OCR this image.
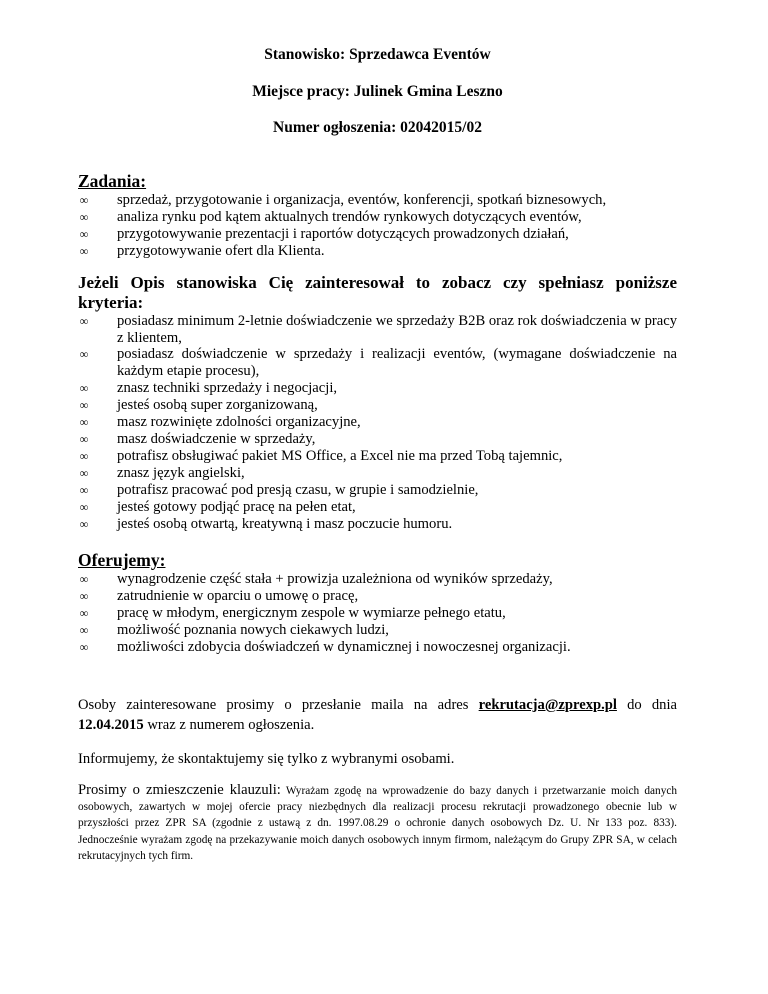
Stanowisko: Sprzedawca Eventów

Miejsce pracy: Julinek Gmina Leszno

Numer ogłoszenia: 02042015/02

Zadania:

∞ sprzedaż, przygotowanie i organizacja, eventów, konferencji, spotkań biznesowych,
∞ analiza rynku pod kątem aktualnych trendów rynkowych dotyczących eventów,
∞ przygotowywanie prezentacji i raportów dotyczących prowadzonych działań,
∞ przygotowywanie ofert dla Klienta.

Jeżeli Opis stanowiska Cię zainteresował to zobacz czy spełniasz poniższe kryteria:

∞ posiadasz minimum 2-letnie doświadczenie we sprzedaży B2B oraz rok doświadczenia w pracy z klientem,
∞ posiadasz doświadczenie w sprzedaży i realizacji eventów, (wymagane doświadczenie na każdym etapie procesu),
∞ znasz techniki sprzedaży i negocjacji,
∞ jesteś osobą super zorganizowaną,
∞ masz rozwinięte zdolności organizacyjne,
∞ masz doświadczenie w sprzedaży,
∞ potrafisz obsługiwać pakiet MS Office, a Excel nie ma przed Tobą tajemnic,
∞ znasz język angielski,
∞ potrafisz pracować pod presją czasu, w grupie i samodzielnie,
∞ jesteś gotowy podjąć pracę na pełen etat,
∞ jesteś osobą otwartą, kreatywną i masz poczucie humoru.

Oferujemy:

∞ wynagrodzenie część stała + prowizja uzależniona od wyników sprzedaży,
∞ zatrudnienie w oparciu o umowę o pracę,
∞ pracę w młodym, energicznym zespole w wymiarze pełnego etatu,
∞ możliwość poznania nowych ciekawych ludzi,
∞ możliwości zdobycia doświadczeń w dynamicznej i nowoczesnej organizacji.

Osoby zainteresowane prosimy o przesłanie maila na adres rekrutacja@zprexp.pl do dnia 12.04.2015 wraz z numerem ogłoszenia.

Informujemy, że skontaktujemy się tylko z wybranymi osobami.

Prosimy o zmieszczenie klauzuli: Wyrażam zgodę na wprowadzenie do bazy danych i przetwarzanie moich danych osobowych, zawartych w mojej ofercie pracy niezbędnych dla realizacji procesu rekrutacji prowadzonego obecnie lub w przyszłości przez ZPR SA (zgodnie z ustawą z dn. 1997.08.29 o ochronie danych osobowych Dz. U. Nr 133 poz. 833). Jednocześnie wyrażam zgodę na przekazywanie moich danych osobowych innym firmom, należącym do Grupy ZPR SA, w celach rekrutacyjnych tych firm.
